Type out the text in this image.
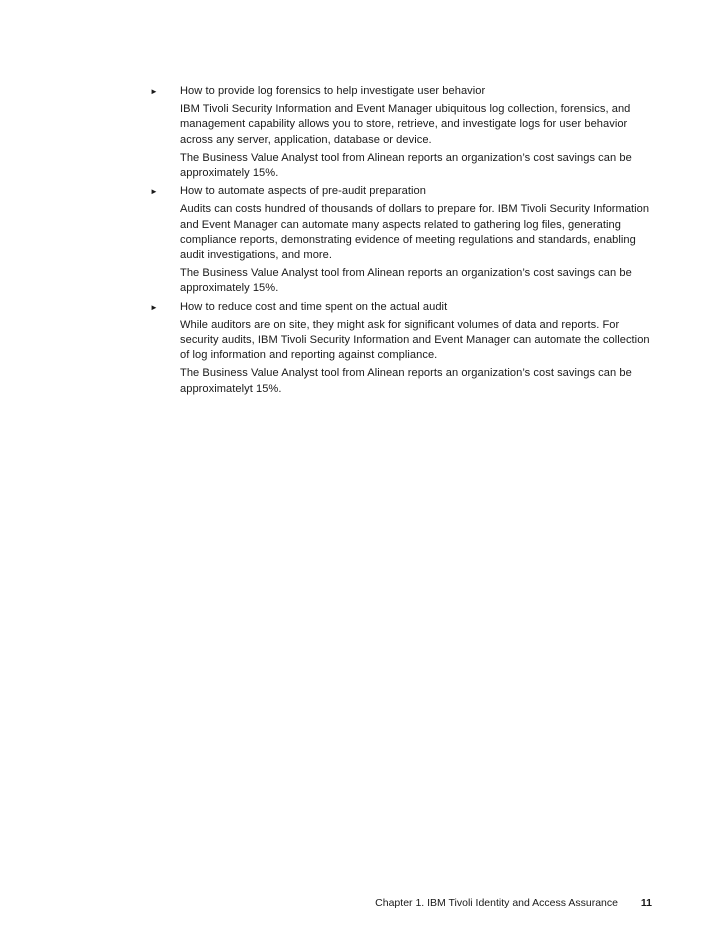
►	How to provide log forensics to help investigate user behavior
IBM Tivoli Security Information and Event Manager ubiquitous log collection, forensics, and management capability allows you to store, retrieve, and investigate logs for user behavior across any server, application, database or device.
The Business Value Analyst tool from Alinean reports an organization’s cost savings can be approximately 15%.
►	How to automate aspects of pre-audit preparation
Audits can costs hundred of thousands of dollars to prepare for. IBM Tivoli Security Information and Event Manager can automate many aspects related to gathering log files, generating compliance reports, demonstrating evidence of meeting regulations and standards, enabling audit investigations, and more.
The Business Value Analyst tool from Alinean reports an organization’s cost savings can be approximately 15%.
►	How to reduce cost and time spent on the actual audit
While auditors are on site, they might ask for significant volumes of data and reports. For security audits, IBM Tivoli Security Information and Event Manager can automate the collection of log information and reporting against compliance.
The Business Value Analyst tool from Alinean reports an organization’s cost savings can be approximatelyt 15%.
Chapter 1. IBM Tivoli Identity and Access Assurance 11
